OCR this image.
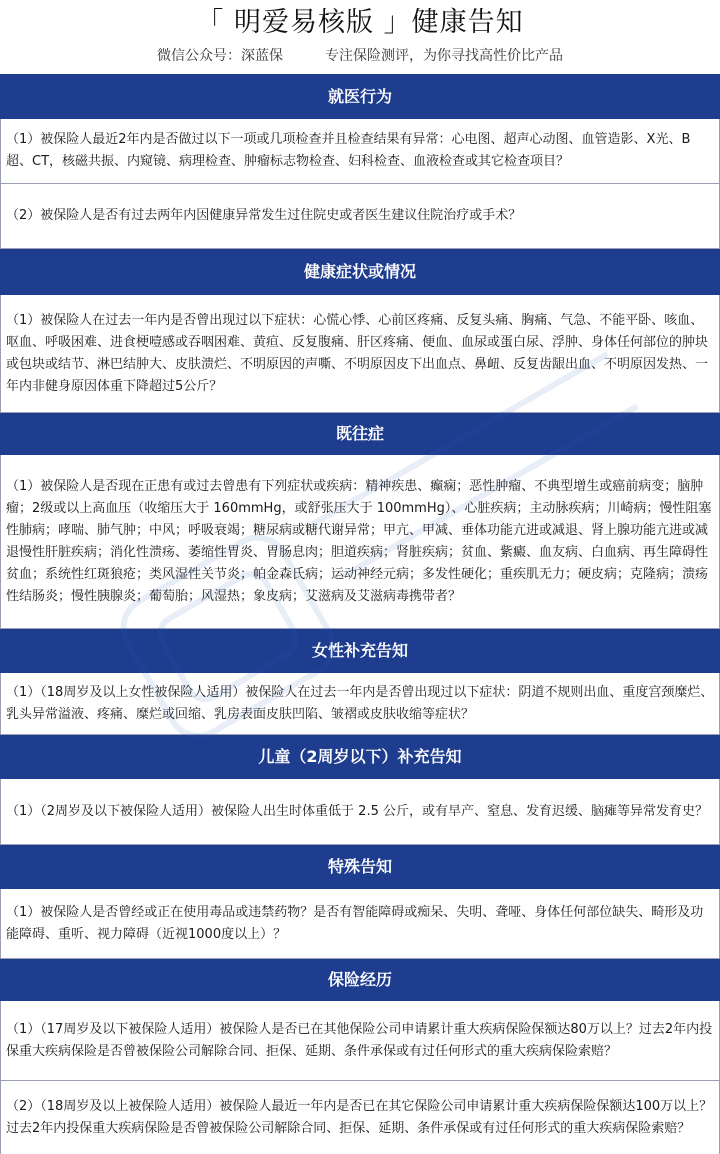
「 明爱易核版 」健康告知
微信公众号：深蓝保	专注保险测评，为你寻找高性价比产品
就医行为
（1）被保险人最近2年内是否做过以下一项或几项检查并且检查结果有异常：心电图、超声心动图、血管造影、X光、B超、CT，核磁共振、内窥镜、病理检查、肿瘤标志物检查、妇科检查、血液检查或其它检查项目？
（2）被保险人是否有过去两年内因健康异常发生过住院史或者医生建议住院治疗或手术？
健康症状或情况
（1）被保险人在过去一年内是否曾出现过以下症状：心慌心悸、心前区疼痛、反复头痛、胸痛、气急、不能平卧、咳血、呕血、呼吸困难、进食梗噎感或吞咽困难、黄疸、反复腹痛、肝区疼痛、便血、血尿或蛋白尿、浮肿、身体任何部位的肿块或包块或结节、淋巴结肿大、皮肤溃烂、不明原因的声嘶、不明原因皮下出血点、鼻衄、反复齿龈出血、不明原因发热、一年内非健身原因体重下降超过5公斤？
既往症
（1）被保险人是否现在正患有或过去曾患有下列症状或疾病：精神疾患、癫痫；恶性肿瘤、不典型增生或癌前病变；脑肿瘤；2级或以上高血压（收缩压大于 160mmHg，或舒张压大于 100mmHg）、心脏疾病；主动脉疾病；川崎病；慢性阻塞性肺病；哮喘、肺气肿；中风；呼吸衰竭；糖尿病或糖代谢异常；甲亢、甲减、垂体功能亢进或减退、肾上腺功能亢进或减退慢性肝脏疾病；消化性溃疡、萎缩性胃炎、胃肠息肉；胆道疾病；肾脏疾病；贫血、紫癜、血友病、白血病、再生障碍性贫血；系统性红斑狼疮；类风湿性关节炎；帕金森氏病；运动神经元病；多发性硬化；重疾肌无力；硬皮病；克隆病；溃疡性结肠炎；慢性胰腺炎；葡萄胎；风湿热；象皮病；艾滋病及艾滋病毒携带者？
女性补充告知
（1）（18周岁及以上女性被保险人适用）被保险人在过去一年内是否曾出现过以下症状：阴道不规则出血、重度宫颈糜烂、乳头异常溢液、疼痛、糜烂或回缩、乳房表面皮肤凹陷、皱褶或皮肤收缩等症状？
儿童（2周岁以下）补充告知
（1）（2周岁及以下被保险人适用）被保险人出生时体重低于 2.5 公斤，或有早产、窒息、发育迟缓、脑瘫等异常发育史？
特殊告知
（1）被保险人是否曾经或正在使用毒品或违禁药物？是否有智能障碍或痴呆、失明、聋哑、身体任何部位缺失、畸形及功能障碍、重听、视力障碍（近视1000度以上）？
保险经历
（1）（17周岁及以下被保险人适用）被保险人是否已在其他保险公司申请累计重大疾病保险保额达80万以上？过去2年内投保重大疾病保险是否曾被保险公司解除合同、拒保、延期、条件承保或有过任何形式的重大疾病保险索赔？
（2）（18周岁及以上被保险人适用）被保险人最近一年内是否已在其它保险公司申请累计重大疾病保险保额达100万以上？过去2年内投保重大疾病保险是否曾被保险公司解除合同、拒保、延期、条件承保或有过任何形式的重大疾病保险索赔？
